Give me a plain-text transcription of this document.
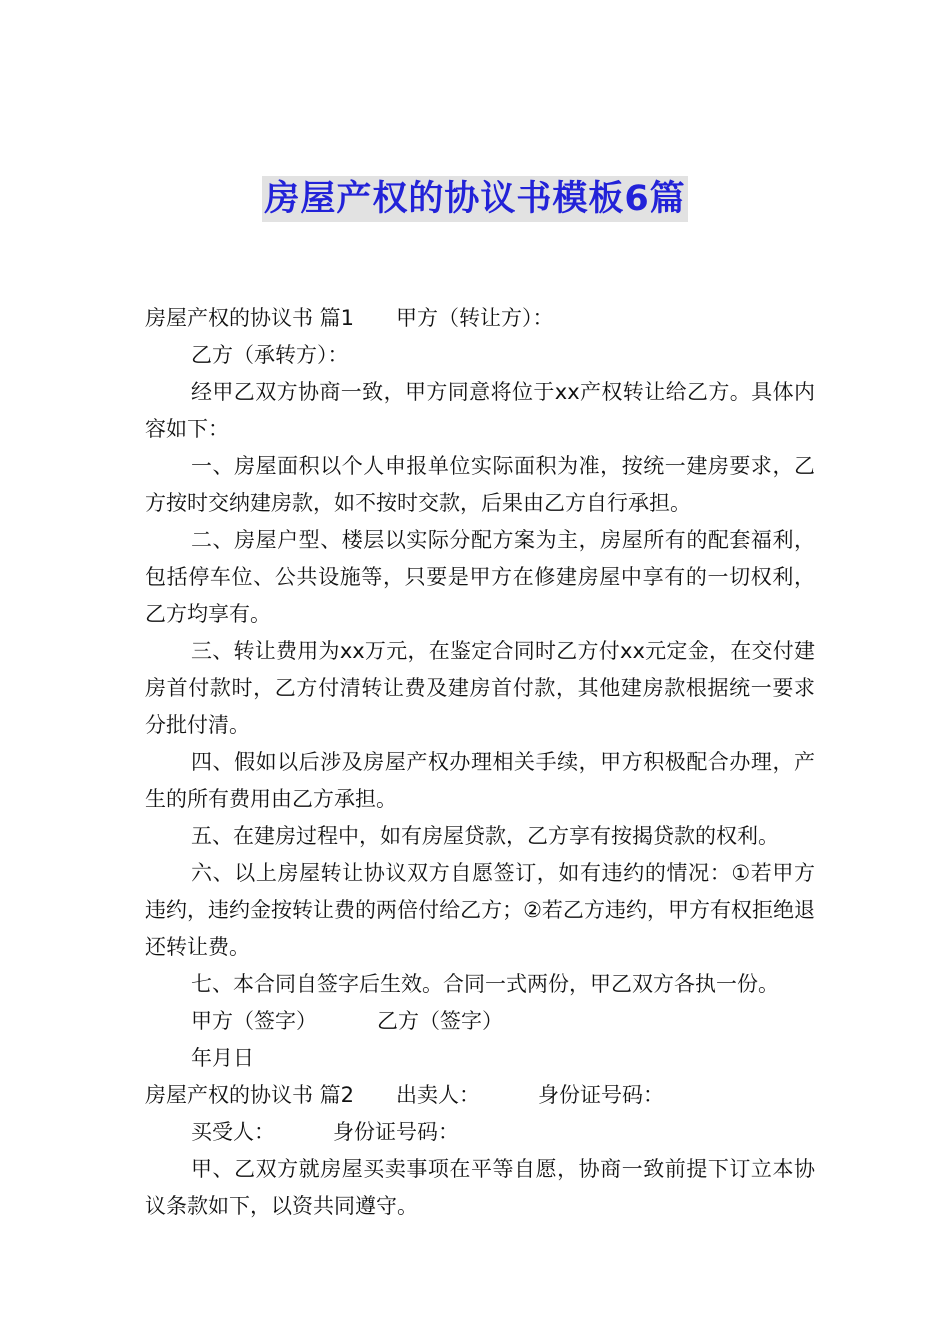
房屋产权的协议书模板6篇

房屋产权的协议书 篇1 甲方（转让方）：

乙方（承转方）：

经甲乙双方协商一致，甲方同意将位于xx产权转让给乙方。具体内容如下：

一、房屋面积以个人申报单位实际面积为准，按统一建房要求，乙方按时交纳建房款，如不按时交款，后果由乙方自行承担。

二、房屋户型、楼层以实际分配方案为主，房屋所有的配套福利，包括停车位、公共设施等，只要是甲方在修建房屋中享有的一切权利，乙方均享有。

三、转让费用为xx万元，在鉴定合同时乙方付xx元定金，在交付建房首付款时，乙方付清转让费及建房首付款，其他建房款根据统一要求分批付清。

四、假如以后涉及房屋产权办理相关手续，甲方积极配合办理，产生的所有费用由乙方承担。

五、在建房过程中，如有房屋贷款，乙方享有按揭贷款的权利。

六、以上房屋转让协议双方自愿签订，如有违约的情况：①若甲方违约，违约金按转让费的两倍付给乙方；②若乙方违约，甲方有权拒绝退还转让费。

七、本合同自签字后生效。合同一式两份，甲乙双方各执一份。

甲方（签字）	乙方（签字）

年月日

房屋产权的协议书 篇2 出卖人：	身份证号码：

买受人：	身份证号码：

甲、乙双方就房屋买卖事项在平等自愿，协商一致前提下订立本协议条款如下，以资共同遵守。
